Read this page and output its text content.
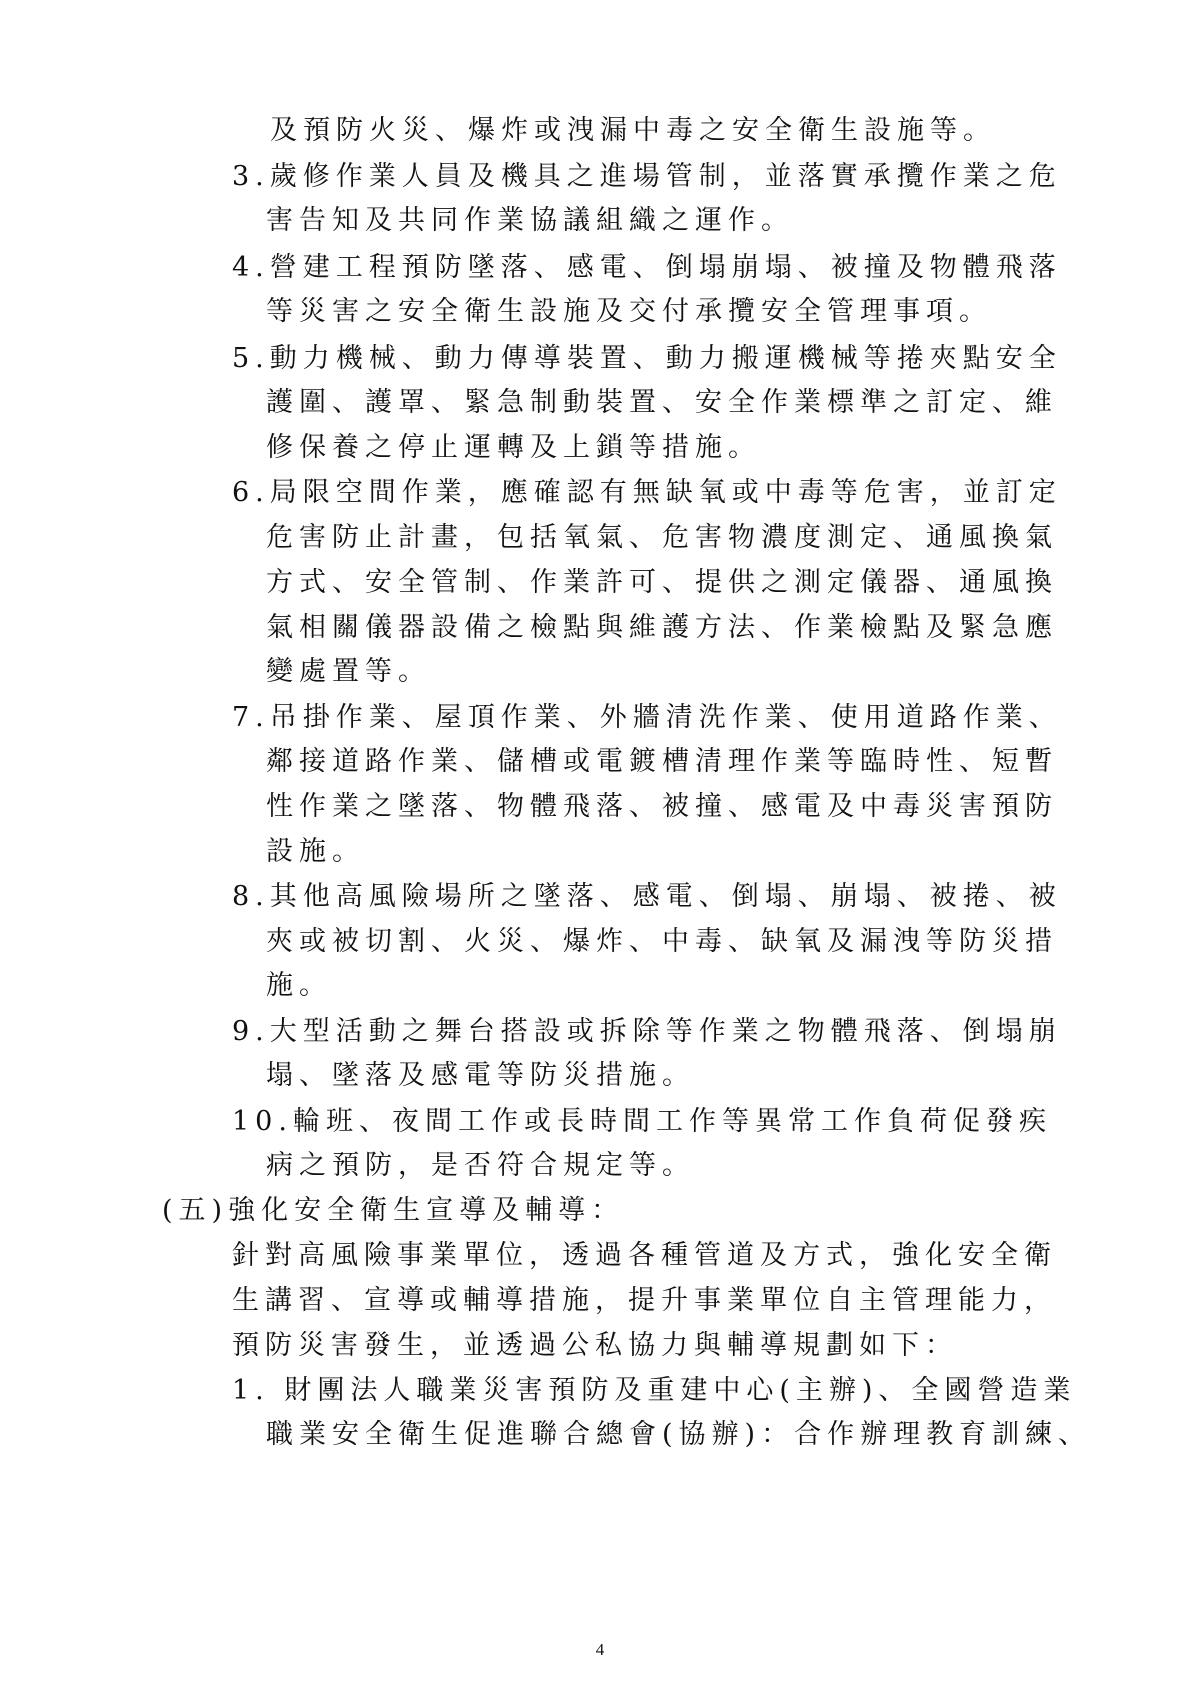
及預防火災、爆炸或洩漏中毒之安全衛生設施等。
3.歲修作業人員及機具之進場管制，並落實承攬作業之危
害告知及共同作業協議組織之運作。
4.營建工程預防墜落、感電、倒塌崩塌、被撞及物體飛落
等災害之安全衛生設施及交付承攬安全管理事項。
5.動力機械、動力傳導裝置、動力搬運機械等捲夾點安全
護圍、護罩、緊急制動裝置、安全作業標準之訂定、維
修保養之停止運轉及上鎖等措施。
6.局限空間作業，應確認有無缺氧或中毒等危害，並訂定
危害防止計畫，包括氧氣、危害物濃度測定、通風換氣
方式、安全管制、作業許可、提供之測定儀器、通風換
氣相關儀器設備之檢點與維護方法、作業檢點及緊急應
變處置等。
7.吊掛作業、屋頂作業、外牆清洗作業、使用道路作業、
鄰接道路作業、儲槽或電鍍槽清理作業等臨時性、短暫
性作業之墜落、物體飛落、被撞、感電及中毒災害預防
設施。
8.其他高風險場所之墜落、感電、倒塌、崩塌、被捲、被
夾或被切割、火災、爆炸、中毒、缺氧及漏洩等防災措
施。
9.大型活動之舞台搭設或拆除等作業之物體飛落、倒塌崩
塌、墜落及感電等防災措施。
10.輪班、夜間工作或長時間工作等異常工作負荷促發疾
病之預防，是否符合規定等。
(五)強化安全衛生宣導及輔導：
針對高風險事業單位，透過各種管道及方式，強化安全衛
生講習、宣導或輔導措施，提升事業單位自主管理能力，
預防災害發生，並透過公私協力與輔導規劃如下：
1. 財團法人職業災害預防及重建中心(主辦)、全國營造業
職業安全衛生促進聯合總會(協辦)：合作辦理教育訓練、
4
